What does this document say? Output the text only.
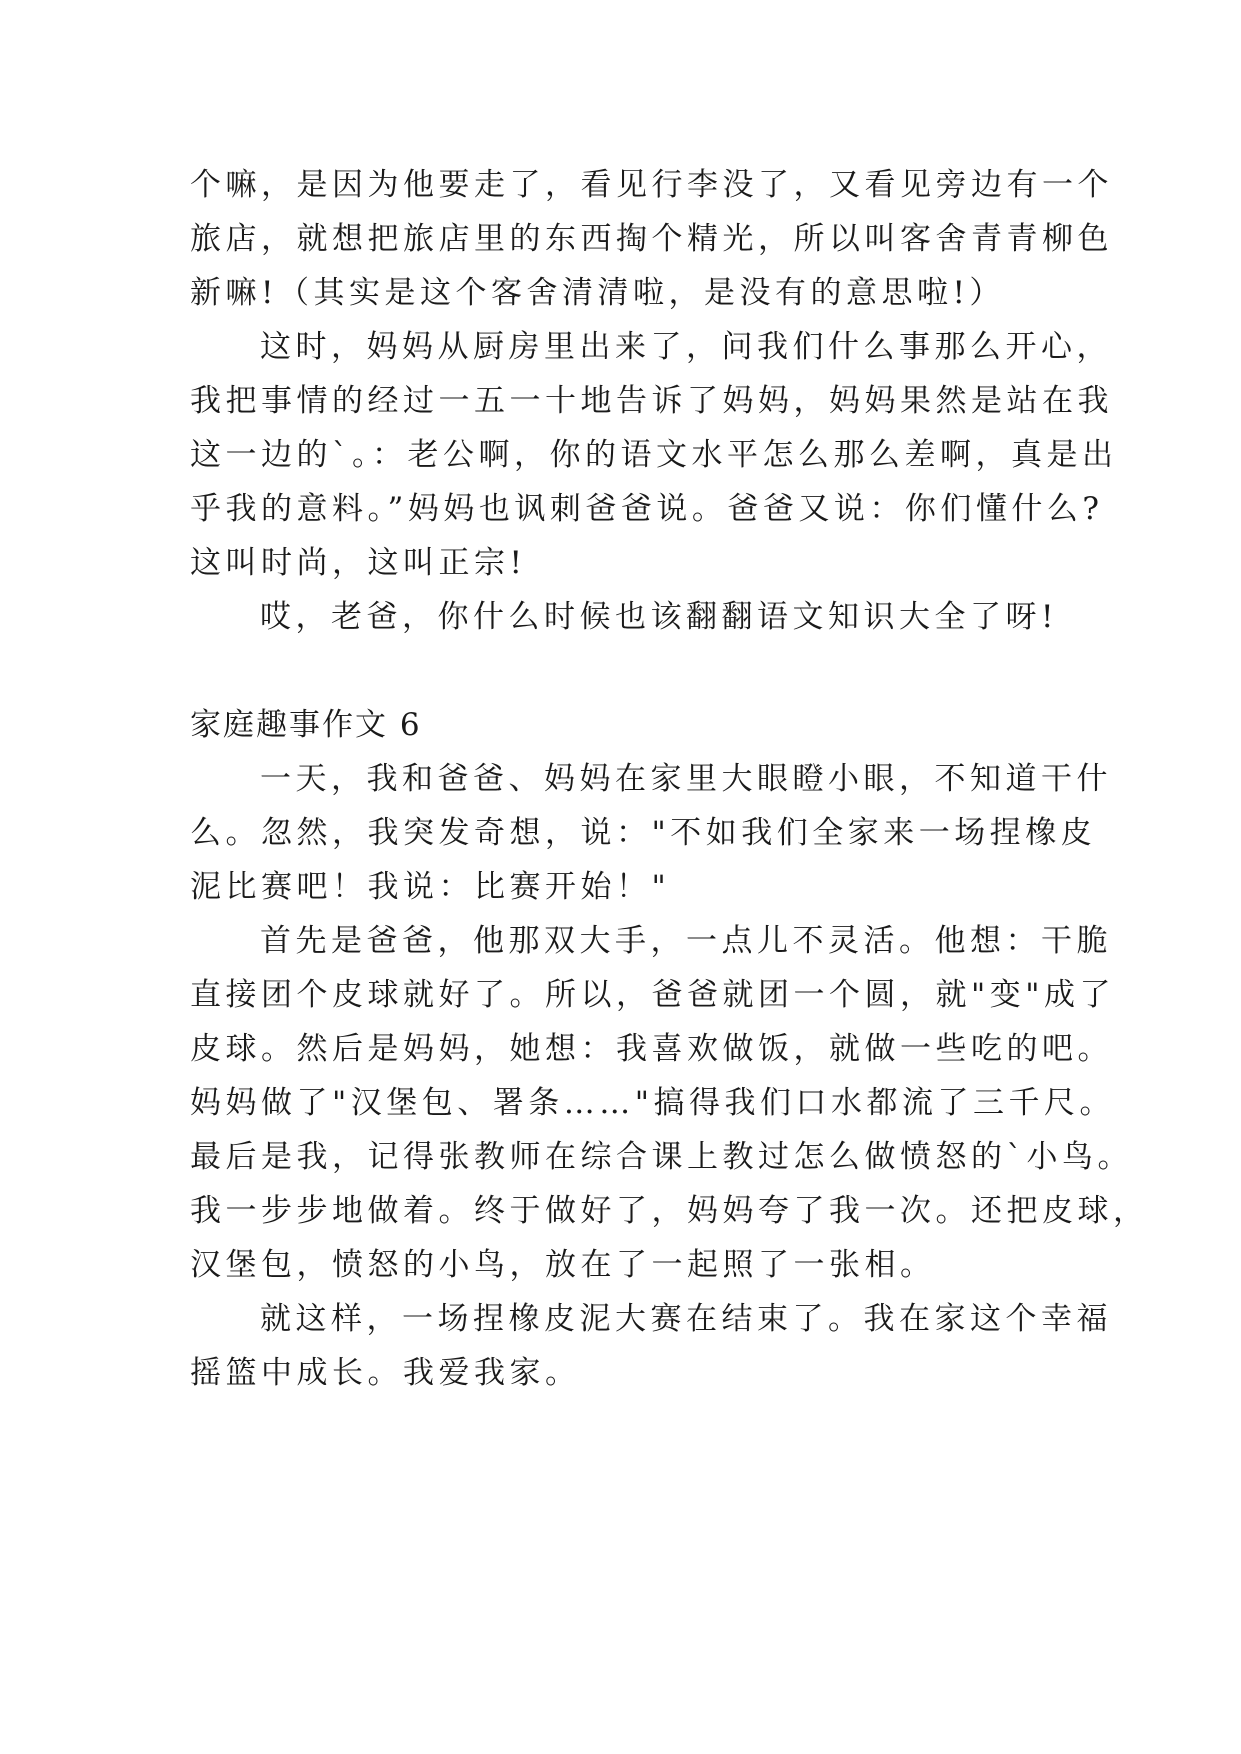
个嘛，是因为他要走了，看见行李没了，又看见旁边有一个
旅店，就想把旅店里的东西掏个精光，所以叫客舍青青柳色
新嘛!（其实是这个客舍清清啦，是没有的意思啦!）
这时，妈妈从厨房里出来了，问我们什么事那么开心，
我把事情的经过一五一十地告诉了妈妈，妈妈果然是站在我
这一边的`。：老公啊，你的语文水平怎么那么差啊，真是出
乎我的意料。”妈妈也讽刺爸爸说。爸爸又说：你们懂什么?
这叫时尚，这叫正宗!
哎，老爸，你什么时候也该翻翻语文知识大全了呀!
家庭趣事作文 6
一天，我和爸爸、妈妈在家里大眼瞪小眼，不知道干什
么。忽然，我突发奇想，说："不如我们全家来一场捏橡皮
泥比赛吧！我说：比赛开始！"
首先是爸爸，他那双大手，一点儿不灵活。他想：干脆
直接团个皮球就好了。所以，爸爸就团一个圆，就"变"成了
皮球。然后是妈妈，她想：我喜欢做饭，就做一些吃的吧。
妈妈做了"汉堡包、署条……"搞得我们口水都流了三千尺。
最后是我，记得张教师在综合课上教过怎么做愤怒的`小鸟。
我一步步地做着。终于做好了，妈妈夸了我一次。还把皮球，
汉堡包，愤怒的小鸟，放在了一起照了一张相。
就这样，一场捏橡皮泥大赛在结束了。我在家这个幸福
摇篮中成长。我爱我家。
